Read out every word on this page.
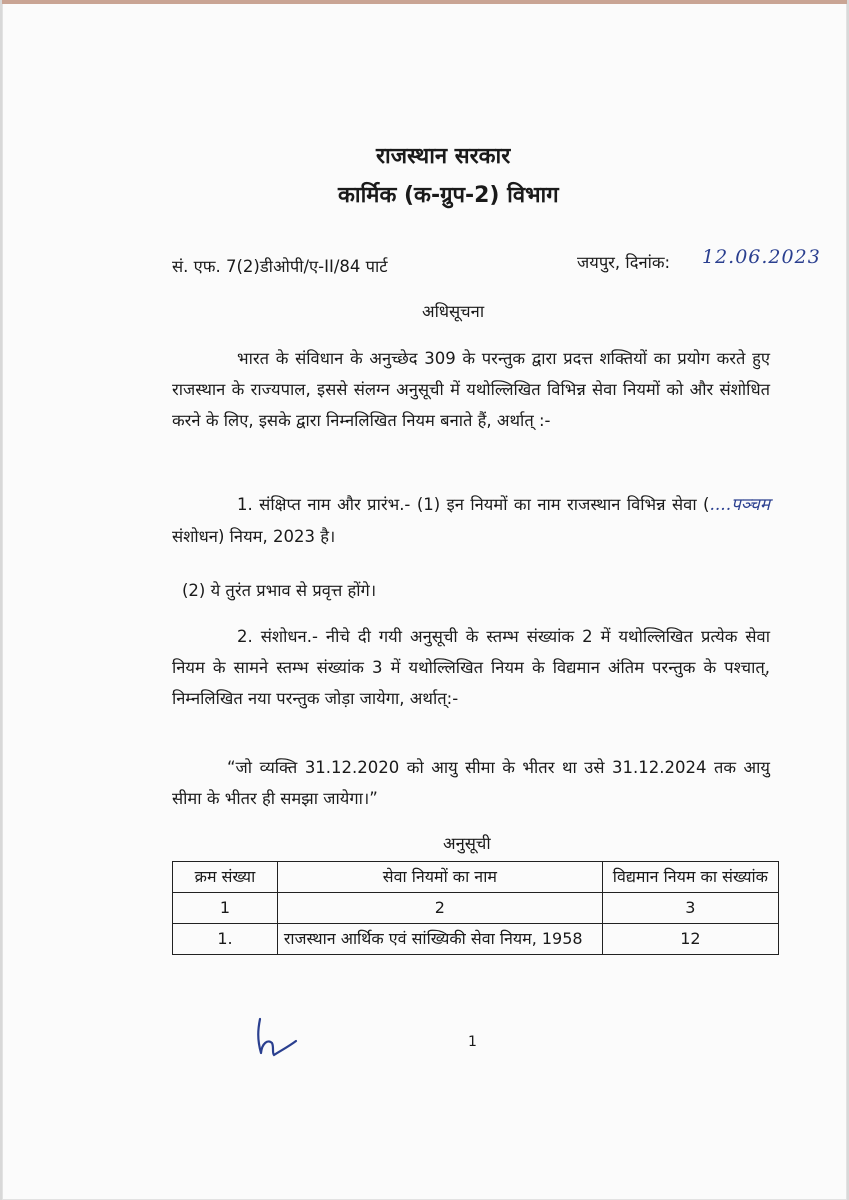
राजस्थान सरकार
कार्मिक (क-ग्रुप-2) विभाग
सं. एफ. 7(2)डीओपी/ए-II/84 पार्ट	जयपुर, दिनांक: 12.06.2023
अधिसूचना
भारत के संविधान के अनुच्छेद 309 के परन्तुक द्वारा प्रदत्त शक्तियों का प्रयोग करते हुए राजस्थान के राज्यपाल, इससे संलग्न अनुसूची में यथोल्लिखित विभिन्न सेवा नियमों को और संशोधित करने के लिए, इसके द्वारा निम्नलिखित नियम बनाते हैं, अर्थात् :-
1. संक्षिप्त नाम और प्रारंभ.- (1) इन नियमों का नाम राजस्थान विभिन्न सेवा (....पञ्चम संशोधन) नियम, 2023 है।
(2) ये तुरंत प्रभाव से प्रवृत्त होंगे।
2. संशोधन.- नीचे दी गयी अनुसूची के स्तम्भ संख्यांक 2 में यथोल्लिखित प्रत्येक सेवा नियम के सामने स्तम्भ संख्यांक 3 में यथोल्लिखित नियम के विद्यमान अंतिम परन्तुक के पश्चात्, निम्नलिखित नया परन्तुक जोड़ा जायेगा, अर्थात्:-
“जो व्यक्ति 31.12.2020 को आयु सीमा के भीतर था उसे 31.12.2024 तक आयु सीमा के भीतर ही समझा जायेगा।”
अनुसूची
क्रम संख्या	सेवा नियमों का नाम	विद्यमान नियम का संख्यांक
1	2	3
1.	राजस्थान आर्थिक एवं सांख्यिकी सेवा नियम, 1958	12
1
